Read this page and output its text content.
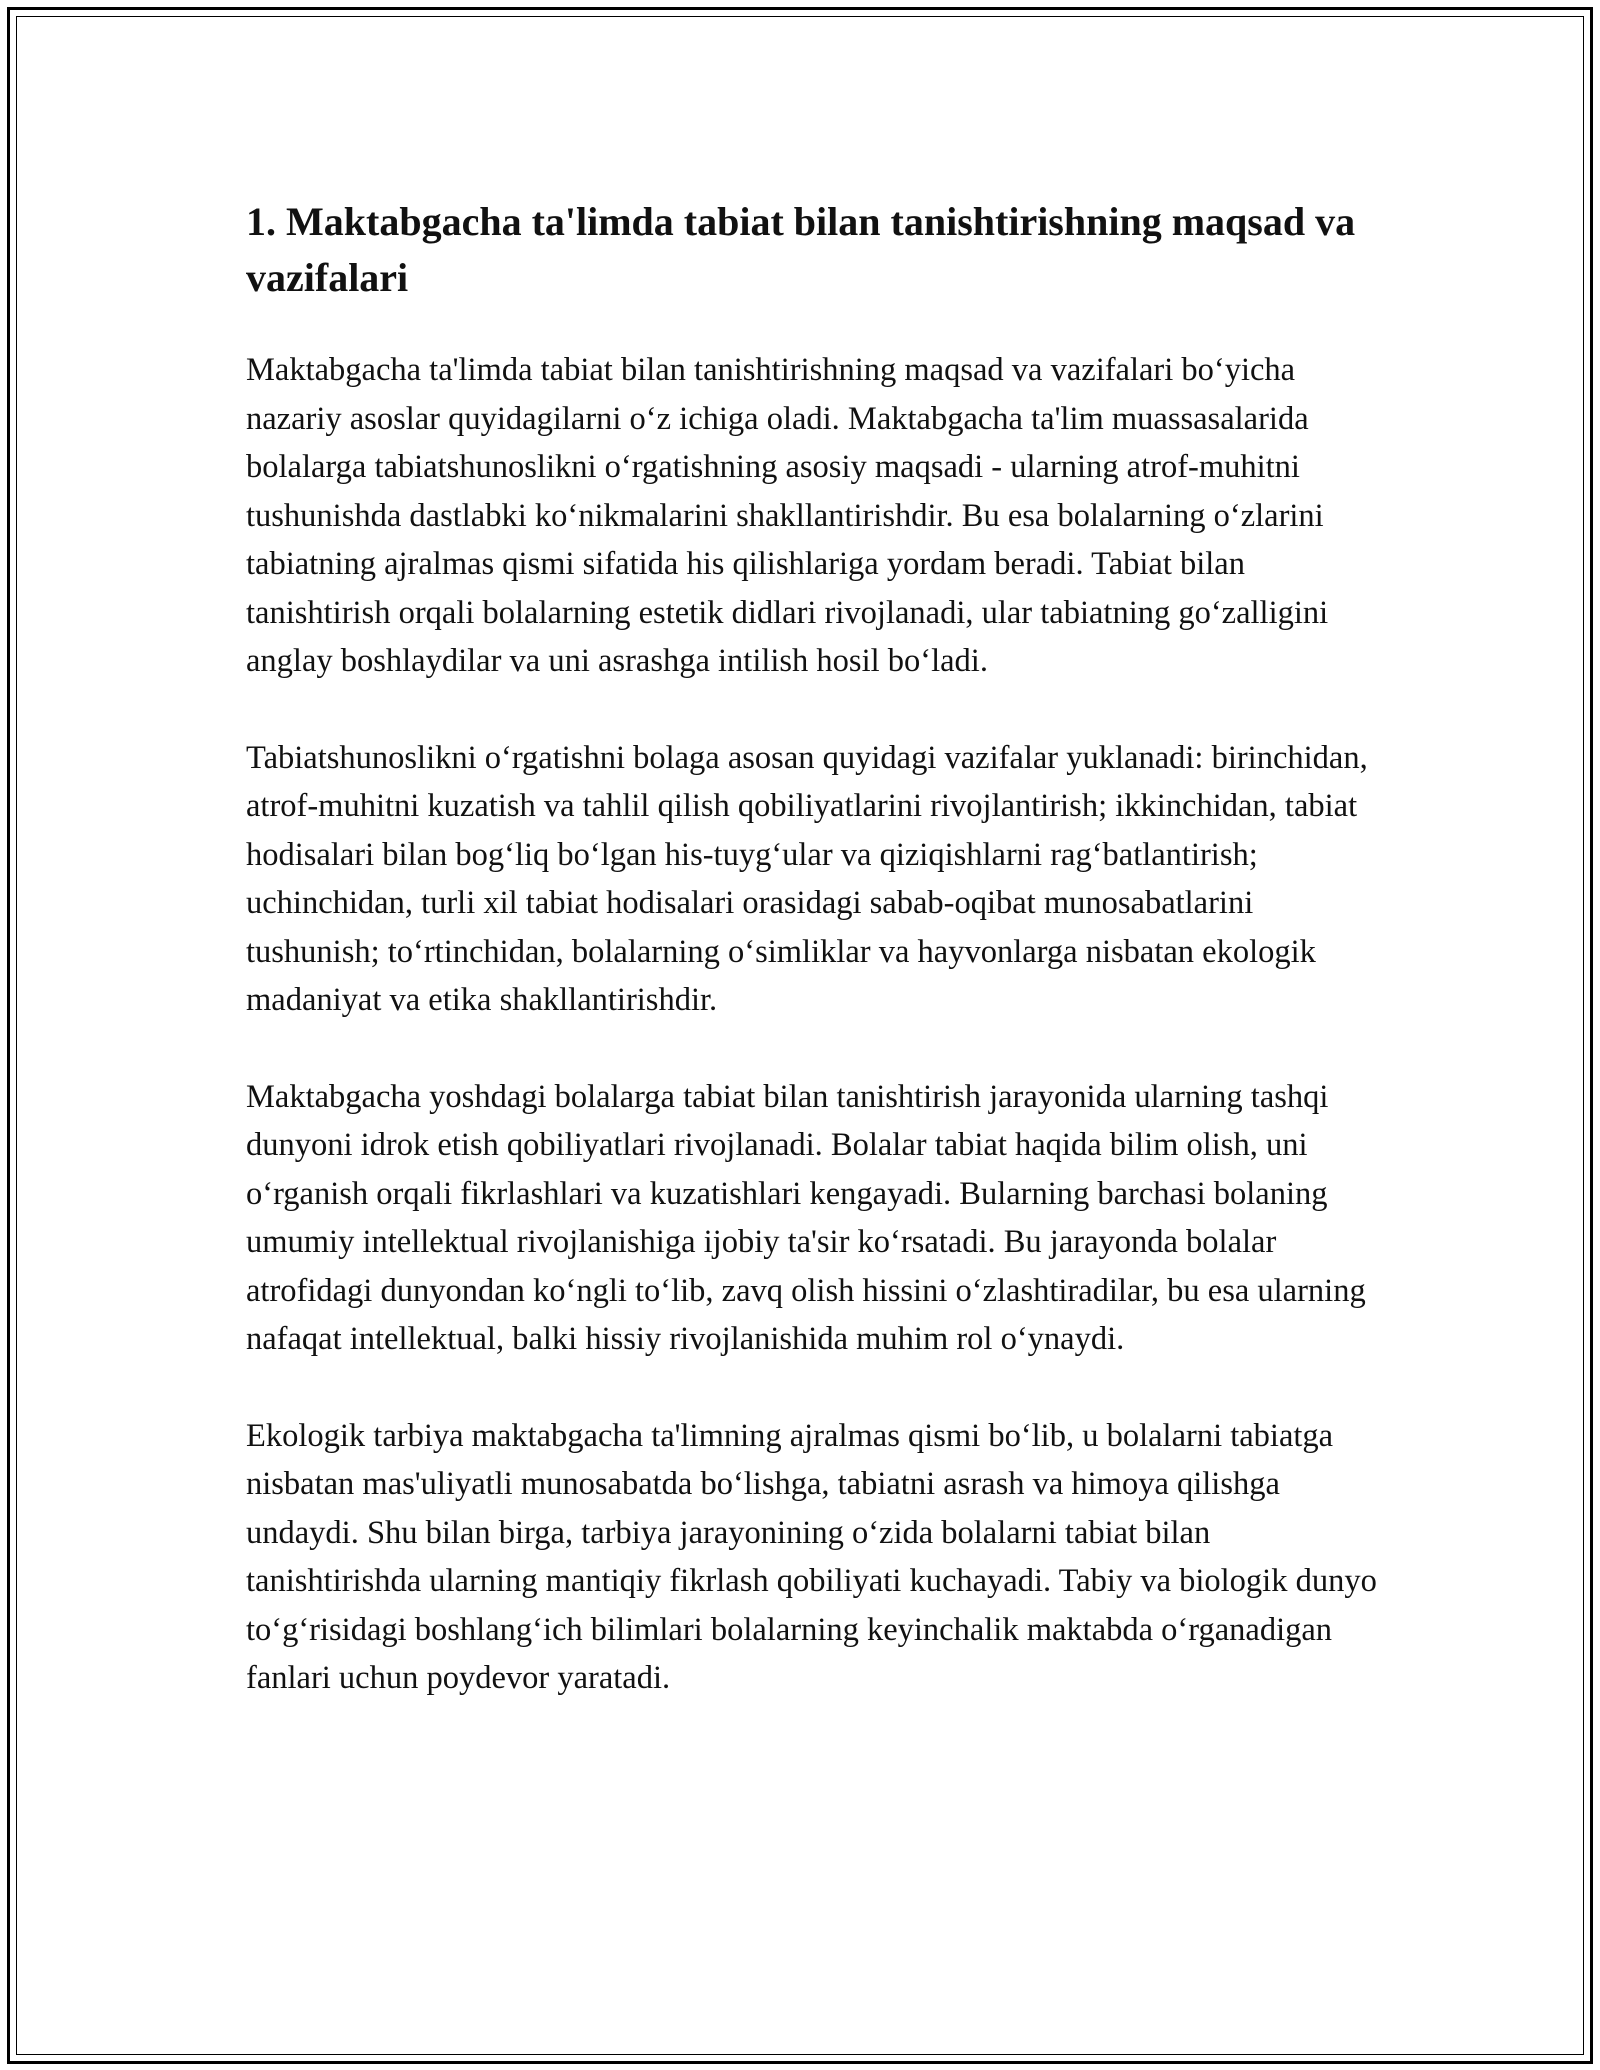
1. Maktabgacha ta'limda tabiat bilan tanishtirishning maqsad va vazifalari

Maktabgacha ta'limda tabiat bilan tanishtirishning maqsad va vazifalari bo‘yicha nazariy asoslar quyidagilarni o‘z ichiga oladi. Maktabgacha ta'lim muassasalarida bolalarga tabiatshunoslikni o‘rgatishning asosiy maqsadi - ularning atrof-muhitni tushunishda dastlabki ko‘nikmalarini shakllantirishdir. Bu esa bolalarning o‘zlarini tabiatning ajralmas qismi sifatida his qilishlariga yordam beradi. Tabiat bilan tanishtirish orqali bolalarning estetik didlari rivojlanadi, ular tabiatning go‘zalligini anglay boshlaydilar va uni asrashga intilish hosil bo‘ladi.

Tabiatshunoslikni o‘rgatishni bolaga asosan quyidagi vazifalar yuklanadi: birinchidan, atrof-muhitni kuzatish va tahlil qilish qobiliyatlarini rivojlantirish; ikkinchidan, tabiat hodisalari bilan bog‘liq bo‘lgan his-tuyg‘ular va qiziqishlarni rag‘batlantirish; uchinchidan, turli xil tabiat hodisalari orasidagi sabab-oqibat munosabatlarini tushunish; to‘rtinchidan, bolalarning o‘simliklar va hayvonlarga nisbatan ekologik madaniyat va etika shakllantirishdir.

Maktabgacha yoshdagi bolalarga tabiat bilan tanishtirish jarayonida ularning tashqi dunyoni idrok etish qobiliyatlari rivojlanadi. Bolalar tabiat haqida bilim olish, uni o‘rganish orqali fikrlashlari va kuzatishlari kengayadi. Bularning barchasi bolaning umumiy intellektual rivojlanishiga ijobiy ta'sir ko‘rsatadi. Bu jarayonda bolalar atrofidagi dunyondan ko‘ngli to‘lib, zavq olish hissini o‘zlashtiradilar, bu esa ularning nafaqat intellektual, balki hissiy rivojlanishida muhim rol o‘ynaydi.

Ekologik tarbiya maktabgacha ta'limning ajralmas qismi bo‘lib, u bolalarni tabiatga nisbatan mas'uliyatli munosabatda bo‘lishga, tabiatni asrash va himoya qilishga undaydi. Shu bilan birga, tarbiya jarayonining o‘zida bolalarni tabiat bilan tanishtirishda ularning mantiqiy fikrlash qobiliyati kuchayadi. Tabiy va biologik dunyo to‘g‘risidagi boshlang‘ich bilimlari bolalarning keyinchalik maktabda o‘rganadigan fanlari uchun poydevor yaratadi.
